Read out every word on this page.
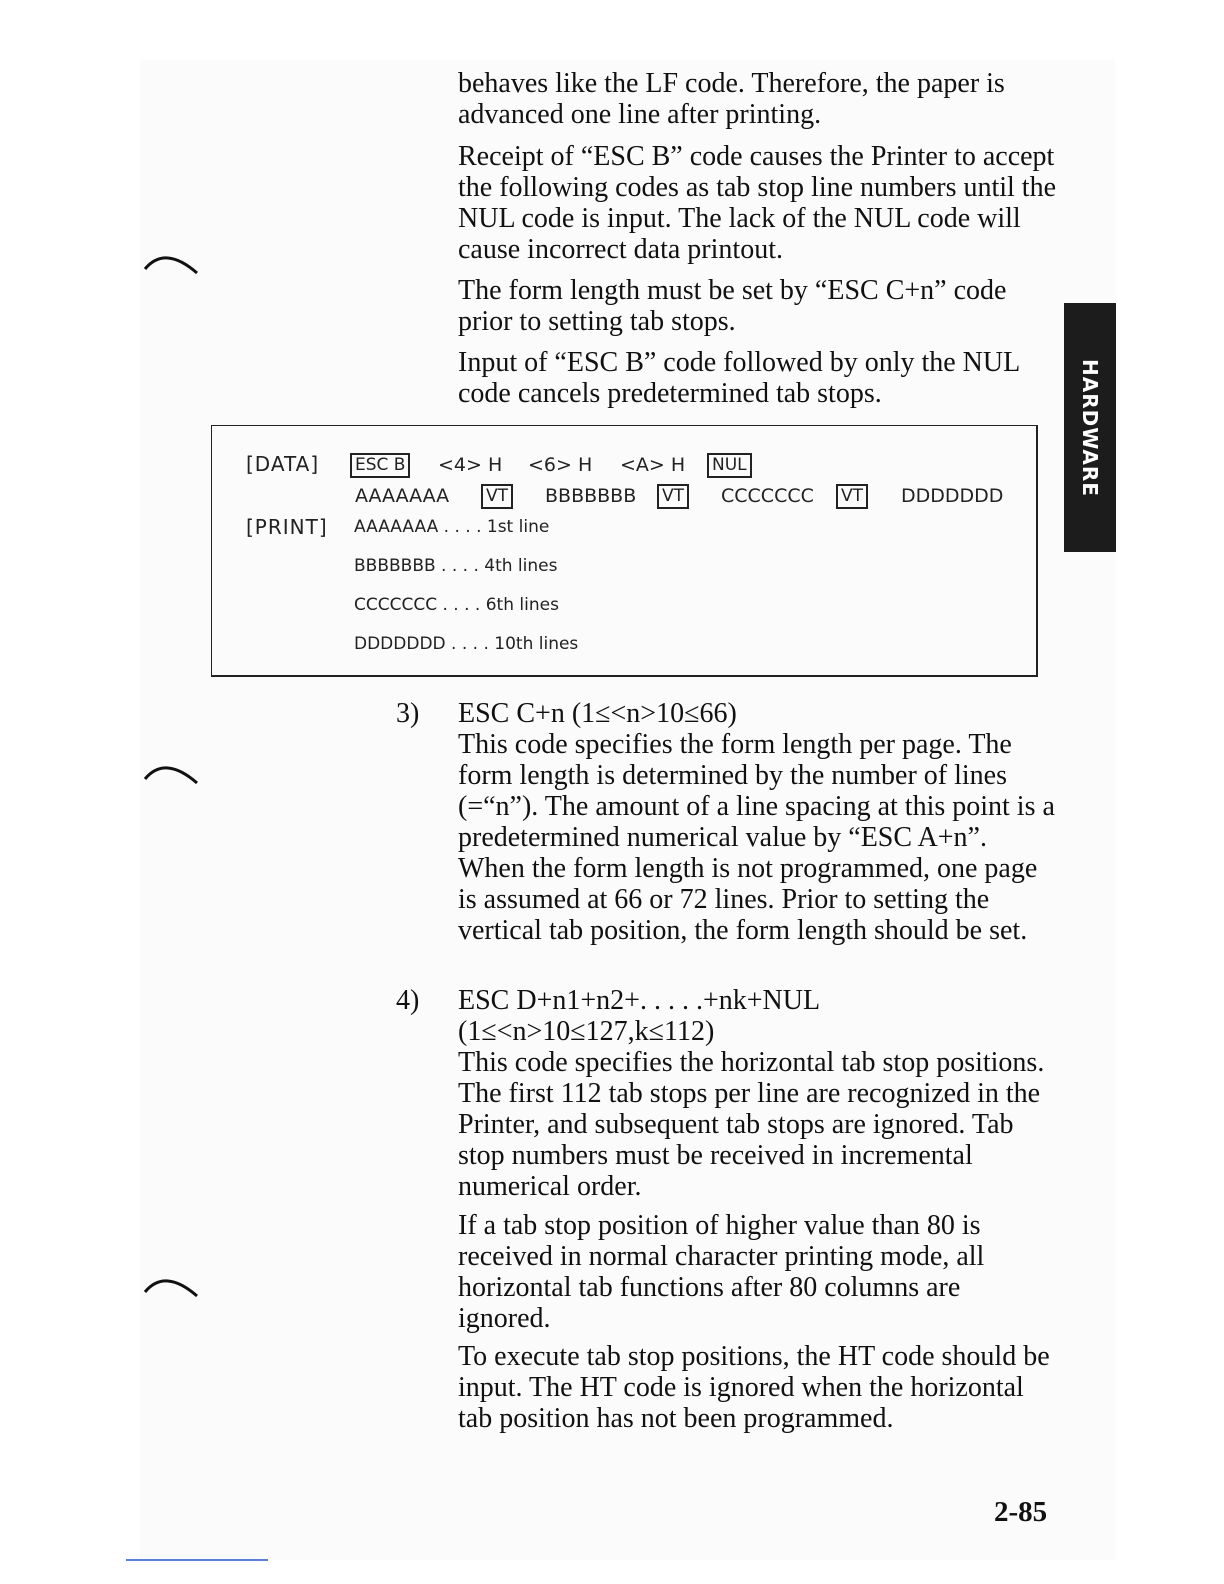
behaves like the LF code. Therefore, the paper is advanced one line after printing.

Receipt of “ESC B” code causes the Printer to accept the following codes as tab stop line numbers until the NUL code is input. The lack of the NUL code will cause incorrect data printout.

The form length must be set by “ESC C+n” code prior to setting tab stops.

Input of “ESC B” code followed by only the NUL code cancels predetermined tab stops.	HARDWARE
[DATA]
[PRINT]
ESC B <4> H <6> H <A> H NUL
AAAAAAA VT BBBBBBB VT CCCCCCC VT DDDDDDD
AAAAAAA . . . . 1st line
BBBBBBB . . . . 4th lines
CCCCCCC . . . . 6th lines
DDDDDDD . . . . 10th lines
3) ESC C+n (1≤<n>10≤66)

This code specifies the form length per page. The form length is determined by the number of lines (=“n”). The amount of a line spacing at this point is a predetermined numerical value by “ESC A+n”. When the form length is not programmed, one page is assumed at 66 or 72 lines. Prior to setting the vertical tab position, the form length should be set.

4) ESC D+n1+n2+. . . . .+nk+NUL

(1≤<n>10≤127,k≤112)

This code specifies the horizontal tab stop positions. The first 112 tab stops per line are recognized in the Printer, and subsequent tab stops are ignored. Tab stop numbers must be received in incremental numerical order.

If a tab stop position of higher value than 80 is received in normal character printing mode, all horizontal tab functions after 80 columns are ignored.

To execute tab stop positions, the HT code should be input. The HT code is ignored when the horizontal tab position has not been programmed.

2-85
